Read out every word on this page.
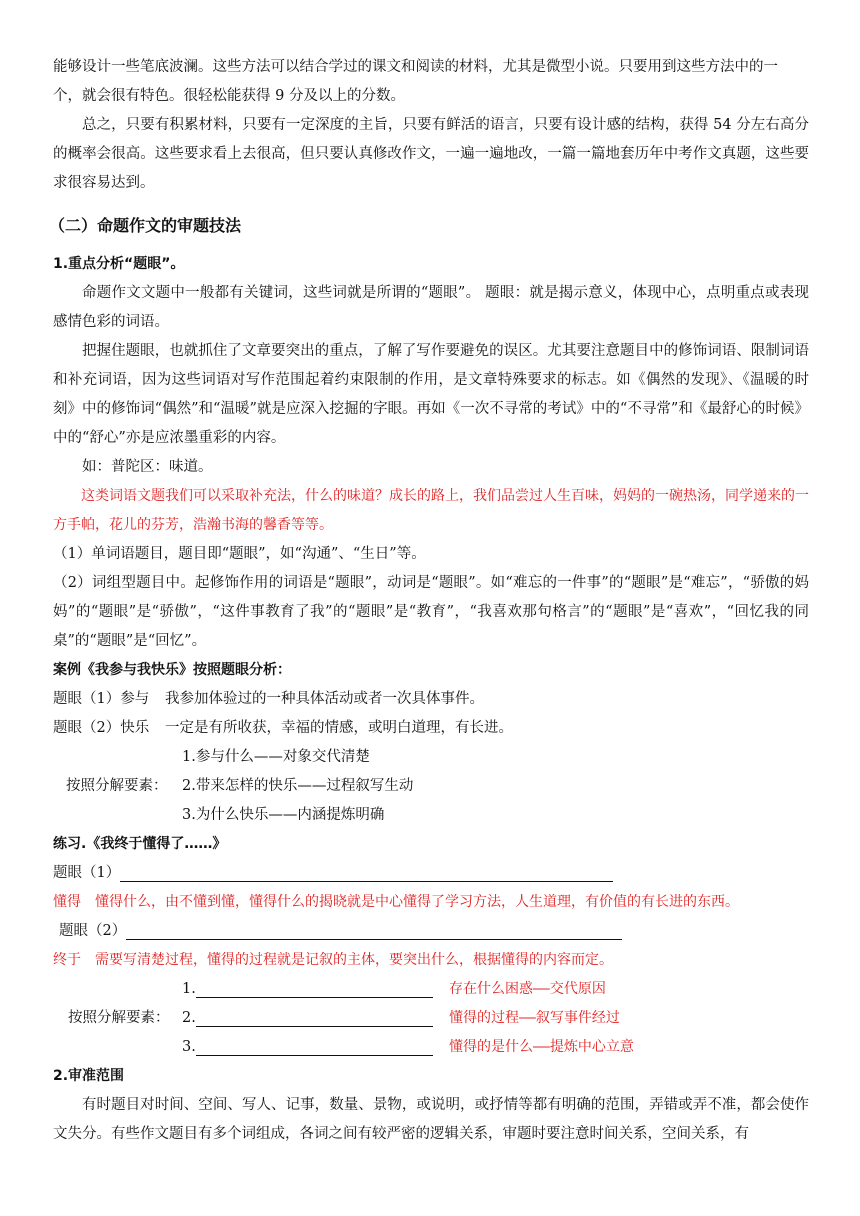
能够设计一些笔底波澜。这些方法可以结合学过的课文和阅读的材料，尤其是微型小说。只要用到这些方法中的一
个，就会很有特色。很轻松能获得 9 分及以上的分数。

总之，只要有积累材料，只要有一定深度的主旨，只要有鲜活的语言，只要有设计感的结构，获得 54 分左右高分的概率会很高。这些要求看上去很高，但只要认真修改作文，一遍一遍地改，一篇一篇地套历年中考作文真题，这些要求很容易达到。

（二）命题作文的审题技法

1.重点分析“题眼”。

命题作文文题中一般都有关键词，这些词就是所谓的“题眼”。 题眼：就是揭示意义，体现中心，点明重点或表现感情色彩的词语。

把握住题眼，也就抓住了文章要突出的重点，了解了写作要避免的误区。尤其要注意题目中的修饰词语、限制词语和补充词语，因为这些词语对写作范围起着约束限制的作用，是文章特殊要求的标志。如《偶然的发现》、《温暖的时刻》中的修饰词“偶然”和“温暖”就是应深入挖掘的字眼。再如《一次不寻常的考试》中的“不寻常”和《最舒心的时候》中的“舒心”亦是应浓墨重彩的内容。

如：普陀区：味道。

这类词语文题我们可以采取补充法，什么的味道？成长的路上，我们品尝过人生百味，妈妈的一碗热汤，同学递来的一方手帕，花儿的芬芳，浩瀚书海的馨香等等。

（1）单词语题目，题目即“题眼”，如“沟通”、“生日”等。

（2）词组型题目中。起修饰作用的词语是“题眼”，动词是“题眼”。如“难忘的一件事”的“题眼”是“难忘”，“骄傲的妈妈”的“题眼”是“骄傲”，“这件事教育了我”的“题眼”是“教育”，“我喜欢那句格言”的“题眼”是“喜欢”，“回忆我的同桌”的“题眼”是“回忆”。

案例《我参与我快乐》按照题眼分析：

题眼（1）参与	我参加体验过的一种具体活动或者一次具体事件。
题眼（2）快乐	一定是有所收获，幸福的情感，或明白道理，有长进。
按照分解要素：
1.参与什么——对象交代清楚
2.带来怎样的快乐——过程叙写生动
3.为什么快乐——内涵提炼明确

练习.《我终于懂得了……》

题眼（1）
懂得 懂得什么，由不懂到懂，懂得什么的揭晓就是中心懂得了学习方法，人生道理，有价值的有长进的东西。
题眼（2）
终于 需要写清楚过程，懂得的过程就是记叙的主体，要突出什么，根据懂得的内容而定。
按照分解要素：
1.	存在什么困惑——交代原因
2.	懂得的过程——叙写事件经过
3.	懂得的是什么——提炼中心立意

2.审准范围

有时题目对时间、空间、写人、记事，数量、景物，或说明，或抒情等都有明确的范围，弄错或弄不准，都会使作文失分。有些作文题目有多个词组成，各词之间有较严密的逻辑关系，审题时要注意时间关系，空间关系，有
